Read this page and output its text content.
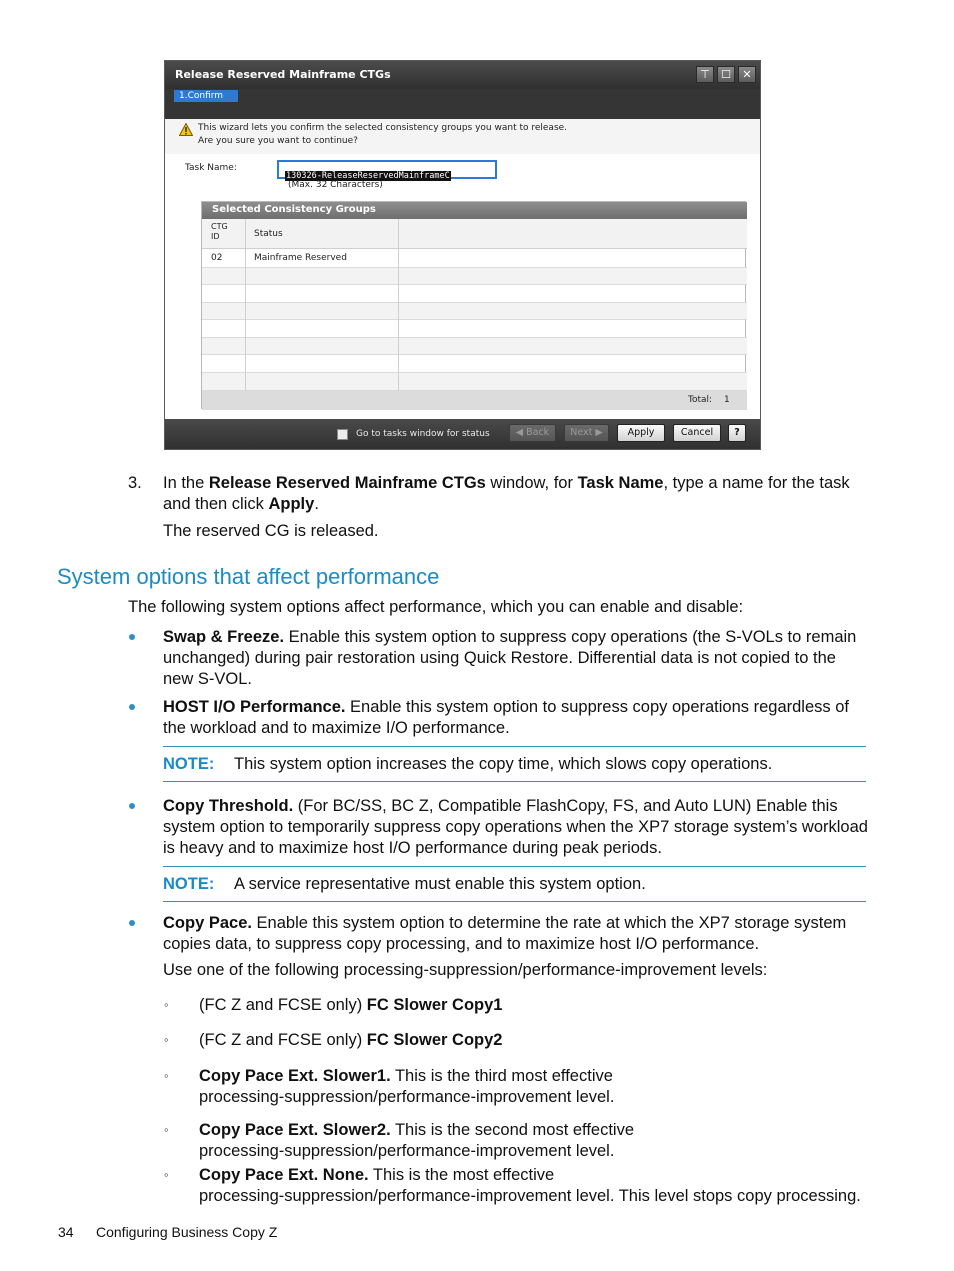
Release Reserved Mainframe CTGs	⊤	☐	✕
1.Confirm
This wizard lets you confirm the selected consistency groups you want to release.
Are you sure you want to continue?
Task Name:
130326-ReleaseReservedMainframeC
(Max. 32 Characters)
Selected Consistency Groups
CTG
ID	Status
02	Mainframe Reserved
Total: 1
Go to tasks window for status	◀ Back	Next ▶	Apply	Cancel	?
3. In the Release Reserved Mainframe CTGs window, for Task Name, type a name for the task
and then click Apply.
The reserved CG is released.
System options that affect performance
The following system options affect performance, which you can enable and disable:
Swap & Freeze. Enable this system option to suppress copy operations (the S-VOLs to remain
unchanged) during pair restoration using Quick Restore. Differential data is not copied to the
new S-VOL.
HOST I/O Performance. Enable this system option to suppress copy operations regardless of
the workload and to maximize I/O performance.
NOTE: This system option increases the copy time, which slows copy operations.
Copy Threshold. (For BC/SS, BC Z, Compatible FlashCopy, FS, and Auto LUN) Enable this
system option to temporarily suppress copy operations when the XP7 storage system’s workload
is heavy and to maximize host I/O performance during peak periods.
NOTE: A service representative must enable this system option.
Copy Pace. Enable this system option to determine the rate at which the XP7 storage system
copies data, to suppress copy processing, and to maximize host I/O performance.
Use one of the following processing-suppression/performance-improvement levels:
◦ (FC Z and FCSE only) FC Slower Copy1
◦ (FC Z and FCSE only) FC Slower Copy2
◦ Copy Pace Ext. Slower1. This is the third most effective
processing-suppression/performance-improvement level.
◦ Copy Pace Ext. Slower2. This is the second most effective
processing-suppression/performance-improvement level.
◦ Copy Pace Ext. None. This is the most effective
processing-suppression/performance-improvement level. This level stops copy processing.
34 Configuring Business Copy Z
